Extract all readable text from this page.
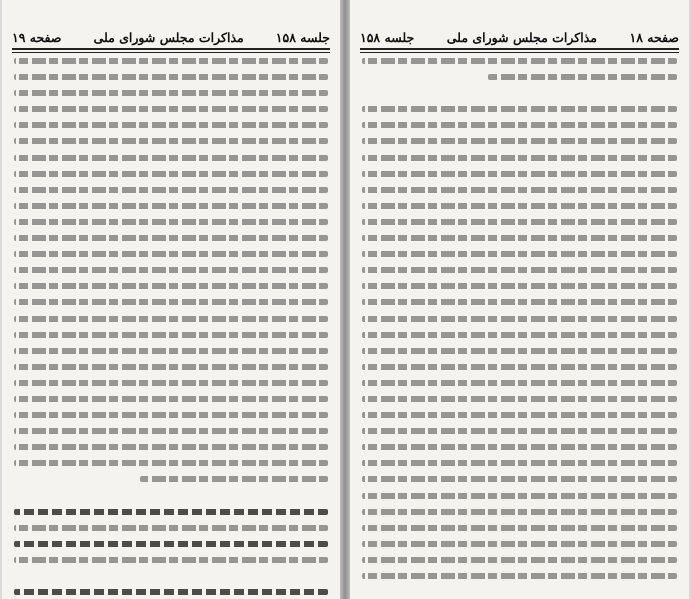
جلسه ۱۵۸
مذاکرات مجلس شورای ملی
صفحه ۱۹	صفحه ۱۸
مذاکرات مجلس شورای ملی
جلسه ۱۵۸
